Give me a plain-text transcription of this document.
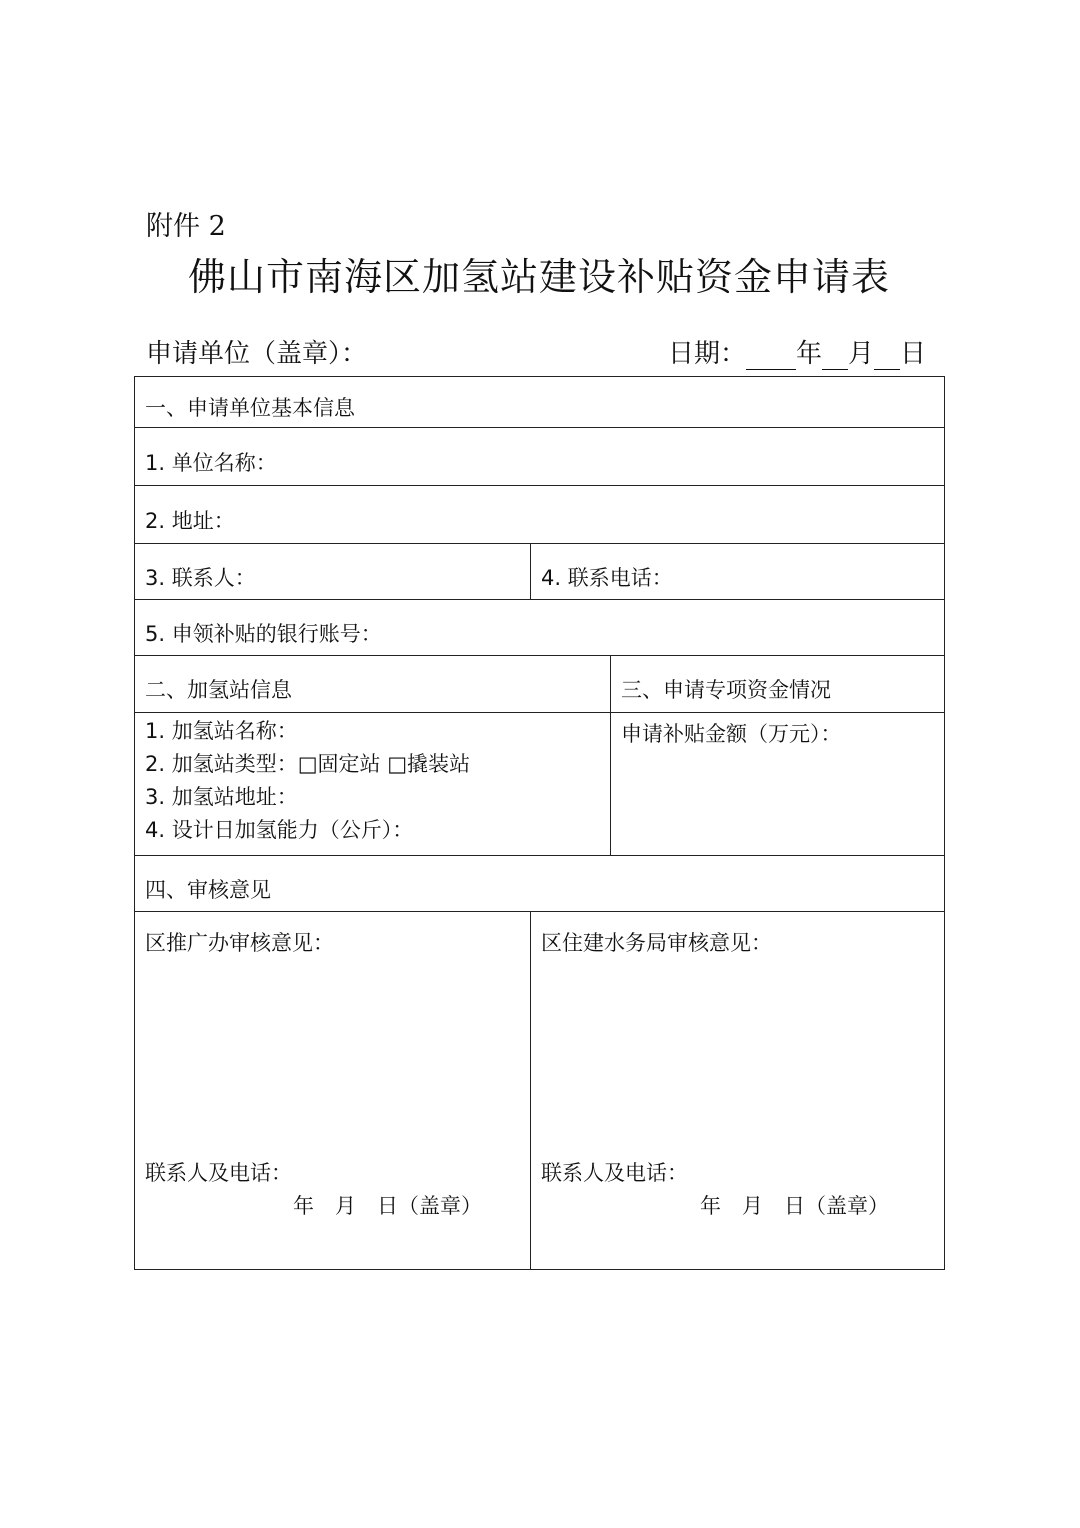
附件 2
佛山市南海区加氢站建设补贴资金申请表
申请单位（盖章）：	日期： 年 月 日
一、申请单位基本信息
1. 单位名称：
2. 地址：
3. 联系人：	4. 联系电话：
5. 申领补贴的银行账号：
二、加氢站信息	三、申请专项资金情况
1. 加氢站名称：
2. 加氢站类型：□固定站 □撬装站
3. 加氢站地址：
4. 设计日加氢能力（公斤）：
申请补贴金额（万元）：
四、审核意见
区推广办审核意见：	区住建水务局审核意见：
联系人及电话：	联系人及电话：
年　月　日（盖章）	年　月　日（盖章）
